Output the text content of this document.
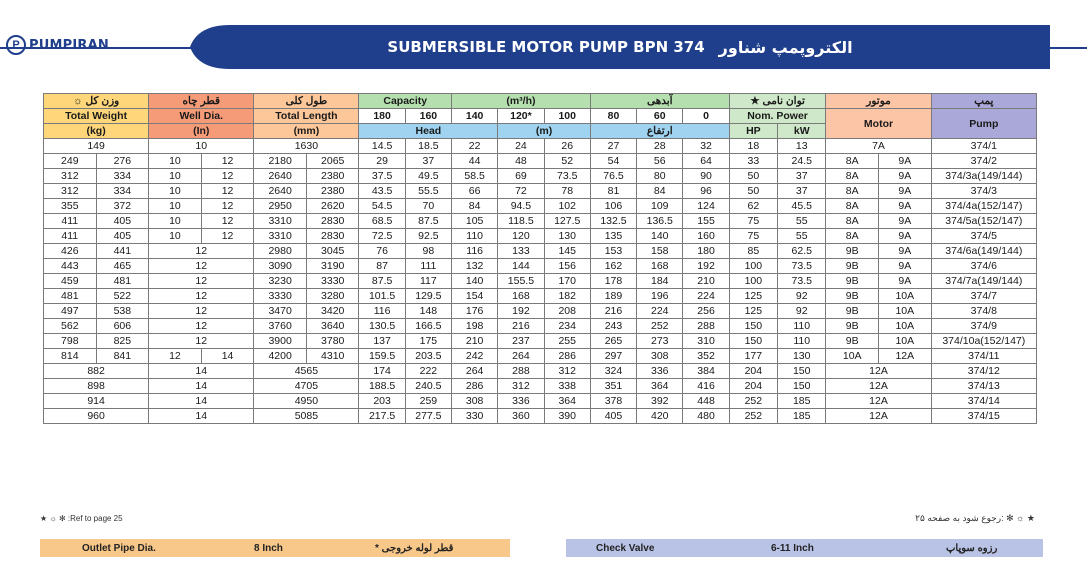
P PUMPIRAN	SUBMERSIBLE MOTOR PUMP BPN 374 الکتروپمپ شناور
☼ وزن کل		قطر چاه		طول کلی		Capacity		(m³/h)			آبدهی			★ توان نامی		موتور		پمپ
Total Weight		Well Dia.		Total Length		180	160	140	120*	100	80	60	0	Nom. Power		Motor		Pump
(kg)		(In)		(mm)		Head			(m)		ارتفاع			HP	kW			
149		10		1630		14.5	18.5	22	24	26	27	28	32	18	13	7A		374/1
249	276	10	12	2180	2065	29	37	44	48	52	54	56	64	33	24.5	8A	9A	374/2
312	334	10	12	2640	2380	37.5	49.5	58.5	69	73.5	76.5	80	90	50	37	8A	9A	374/3a(149/144)
312	334	10	12	2640	2380	43.5	55.5	66	72	78	81	84	96	50	37	8A	9A	374/3
355	372	10	12	2950	2620	54.5	70	84	94.5	102	106	109	124	62	45.5	8A	9A	374/4a(152/147)
411	405	10	12	3310	2830	68.5	87.5	105	118.5	127.5	132.5	136.5	155	75	55	8A	9A	374/5a(152/147)
411	405	10	12	3310	2830	72.5	92.5	110	120	130	135	140	160	75	55	8A	9A	374/5
426	441	12		2980	3045	76	98	116	133	145	153	158	180	85	62.5	9B	9A	374/6a(149/144)
443	465	12		3090	3190	87	111	132	144	156	162	168	192	100	73.5	9B	9A	374/6
459	481	12		3230	3330	87.5	117	140	155.5	170	178	184	210	100	73.5	9B	9A	374/7a(149/144)
481	522	12		3330	3280	101.5	129.5	154	168	182	189	196	224	125	92	9B	10A	374/7
497	538	12		3470	3420	116	148	176	192	208	216	224	256	125	92	9B	10A	374/8
562	606	12		3760	3640	130.5	166.5	198	216	234	243	252	288	150	110	9B	10A	374/9
798	825	12		3900	3780	137	175	210	237	255	265	273	310	150	110	9B	10A	374/10a(152/147)
814	841	12	14	4200	4310	159.5	203.5	242	264	286	297	308	352	177	130	10A	12A	374/11
882		14		4565		174	222	264	288	312	324	336	384	204	150	12A		374/12
898		14		4705		188.5	240.5	286	312	338	351	364	416	204	150	12A		374/13
914		14		4950		203	259	308	336	364	378	392	448	252	185	12A		374/14
960		14		5085		217.5	277.5	330	360	390	405	420	480	252	185	12A		374/15
★ ☼ ✻ :Ref to page 25	★ ☼ ✻ :رجوع شود به صفحه ۲۵
Outlet Pipe Dia.	8 Inch	* قطر لوله خروجی	Check Valve	6-11 Inch	رزوه سوپاپ
